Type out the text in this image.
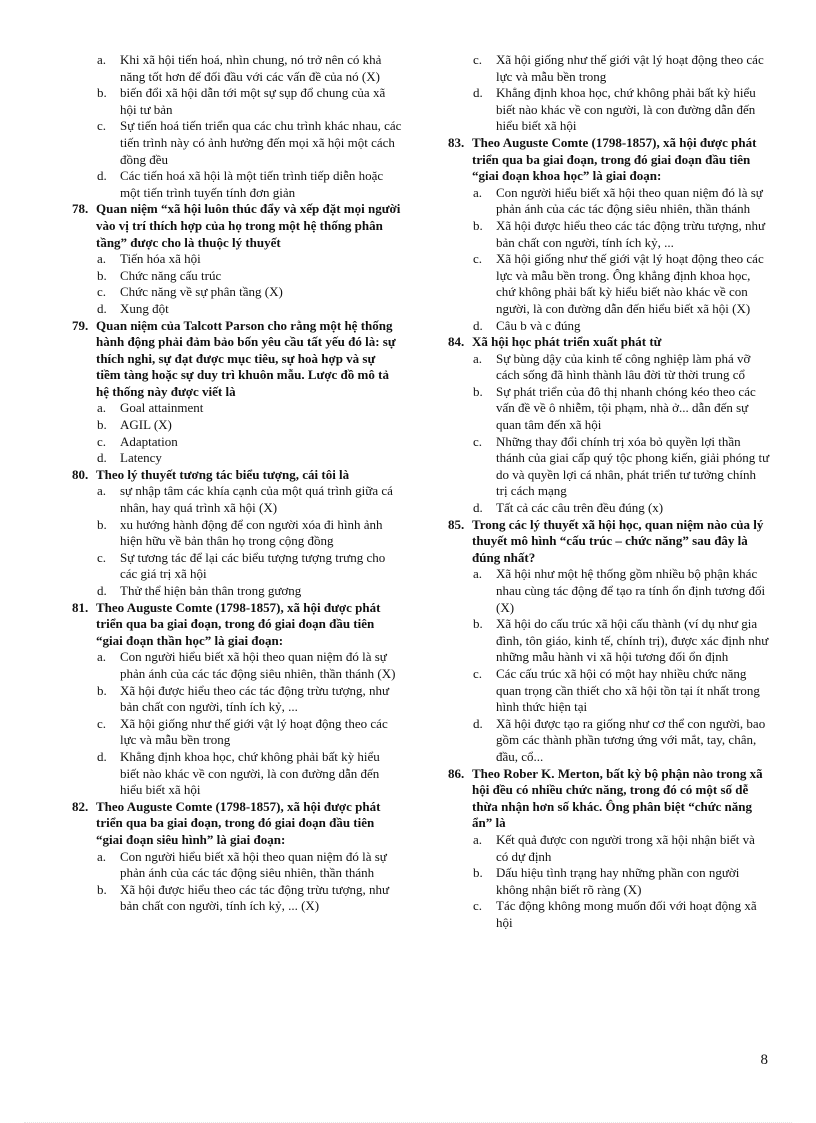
a. Khi xã hội tiến hoá, nhìn chung, nó trở nên có khả năng tốt hơn để đối đầu với các vấn đề của nó (X)
b. biến đổi xã hội dẫn tới một sự sụp đổ chung của xã hội tư bản
c. Sự tiến hoá tiến triển qua các chu trình khác nhau, các tiến trình này có ảnh hưởng đến mọi xã hội một cách đồng đều
d. Các tiến hoá xã hội là một tiến trình tiếp diễn hoặc một tiến trình tuyến tính đơn giản

78. Quan niệm “xã hội luôn thúc đẩy và xếp đặt mọi người vào vị trí thích hợp của họ trong một hệ thống phân tầng” được cho là thuộc lý thuyết

a. Tiến hóa xã hội
b. Chức năng cấu trúc
c. Chức năng về sự phân tầng (X)
d. Xung đột

79. Quan niệm của Talcott Parson cho rằng một hệ thống hành động phải đảm bảo bốn yêu cầu tất yếu đó là: sự thích nghi, sự đạt được mục tiêu, sự hoà hợp và sự tiềm tàng hoặc sự duy trì khuôn mẫu. Lược đồ mô tả hệ thống này được viết là

a. Goal attainment
b. AGIL (X)
c. Adaptation
d. Latency

80. Theo lý thuyết tương tác biểu tượng, cái tôi là

a. sự nhập tâm các khía cạnh của một quá trình giữa cá nhân, hay quá trình xã hội (X)
b. xu hướng hành động để con người xóa đi hình ảnh hiện hữu về bản thân họ trong cộng đồng
c. Sự tương tác để lại các biểu tượng tượng trưng cho các giá trị xã hội
d. Thử thể hiện bản thân trong gương

81. Theo Auguste Comte (1798-1857), xã hội được phát triển qua ba giai đoạn, trong đó giai đoạn đầu tiên “giai đoạn thần học” là giai đoạn:

a. Con người hiểu biết xã hội theo quan niệm đó là sự phản ánh của các tác động siêu nhiên, thần thánh (X)
b. Xã hội được hiểu theo các tác động trừu tượng, như bản chất con người, tính ích kỷ, ...
c. Xã hội giống như thế giới vật lý hoạt động theo các lực và mẫu bền trong
d. Khẳng định khoa học, chứ không phải bất kỳ hiểu biết nào khác về con người, là con đường dẫn đến hiểu biết xã hội

82. Theo Auguste Comte (1798-1857), xã hội được phát triển qua ba giai đoạn, trong đó giai đoạn đầu tiên “giai đoạn siêu hình” là giai đoạn:

a. Con người hiểu biết xã hội theo quan niệm đó là sự phản ánh của các tác động siêu nhiên, thần thánh
b. Xã hội được hiểu theo các tác động trừu tượng, như bản chất con người, tính ích kỷ, ... (X)
c. Xã hội giống như thế giới vật lý hoạt động theo các lực và mẫu bền trong
d. Khẳng định khoa học, chứ không phải bất kỳ hiểu biết nào khác về con người, là con đường dẫn đến hiểu biết xã hội

83. Theo Auguste Comte (1798-1857), xã hội được phát triển qua ba giai đoạn, trong đó giai đoạn đầu tiên “giai đoạn khoa học” là giai đoạn:

a. Con người hiểu biết xã hội theo quan niệm đó là sự phản ánh của các tác động siêu nhiên, thần thánh
b. Xã hội được hiểu theo các tác động trừu tượng, như bản chất con người, tính ích kỷ, ...
c. Xã hội giống như thế giới vật lý hoạt động theo các lực và mẫu bền trong. Ông khẳng định khoa học, chứ không phải bất kỳ hiểu biết nào khác về con người, là con đường dẫn đến hiểu biết xã hội (X)
d. Câu b và c đúng

84. Xã hội học phát triển xuất phát từ

a. Sự bùng dậy của kinh tế công nghiệp làm phá vỡ cách sống đã hình thành lâu đời từ thời trung cổ
b. Sự phát triển của đô thị nhanh chóng kéo theo các vấn đề về ô nhiễm, tội phạm, nhà ở... dẫn đến sự quan tâm đến xã hội
c. Những thay đổi chính trị xóa bỏ quyền lợi thần thánh của giai cấp quý tộc phong kiến, giải phóng tư do và quyền lợi cá nhân, phát triển tư tưởng chính trị cách mạng
d. Tất cả các câu trên đều đúng (x)

85. Trong các lý thuyết xã hội học, quan niệm nào của lý thuyết mô hình “cấu trúc – chức năng” sau đây là đúng nhất?

a. Xã hội như một hệ thống gồm nhiều bộ phận khác nhau cùng tác động để tạo ra tính ổn định tương đối (X)
b. Xã hội do cấu trúc xã hội cấu thành (ví dụ như gia đình, tôn giáo, kinh tế, chính trị), được xác định như những mẫu hành vi xã hội tương đối ổn định
c. Các cấu trúc xã hội có một hay nhiều chức năng quan trọng cần thiết cho xã hội tồn tại ít nhất trong hình thức hiện tại
d. Xã hội được tạo ra giống như cơ thể con người, bao gồm các thành phần tương ứng với mắt, tay, chân, đầu, cổ...

86. Theo Rober K. Merton, bất kỳ bộ phận nào trong xã hội đều có nhiều chức năng, trong đó có một số dễ thừa nhận hơn số khác. Ông phân biệt “chức năng ẩn” là

a. Kết quả được con người trong xã hội nhận biết và có dự định
b. Dấu hiệu tình trạng hay những phần con người không nhận biết rõ ràng (X)
c. Tác động không mong muốn đối với hoạt động xã hội
8
